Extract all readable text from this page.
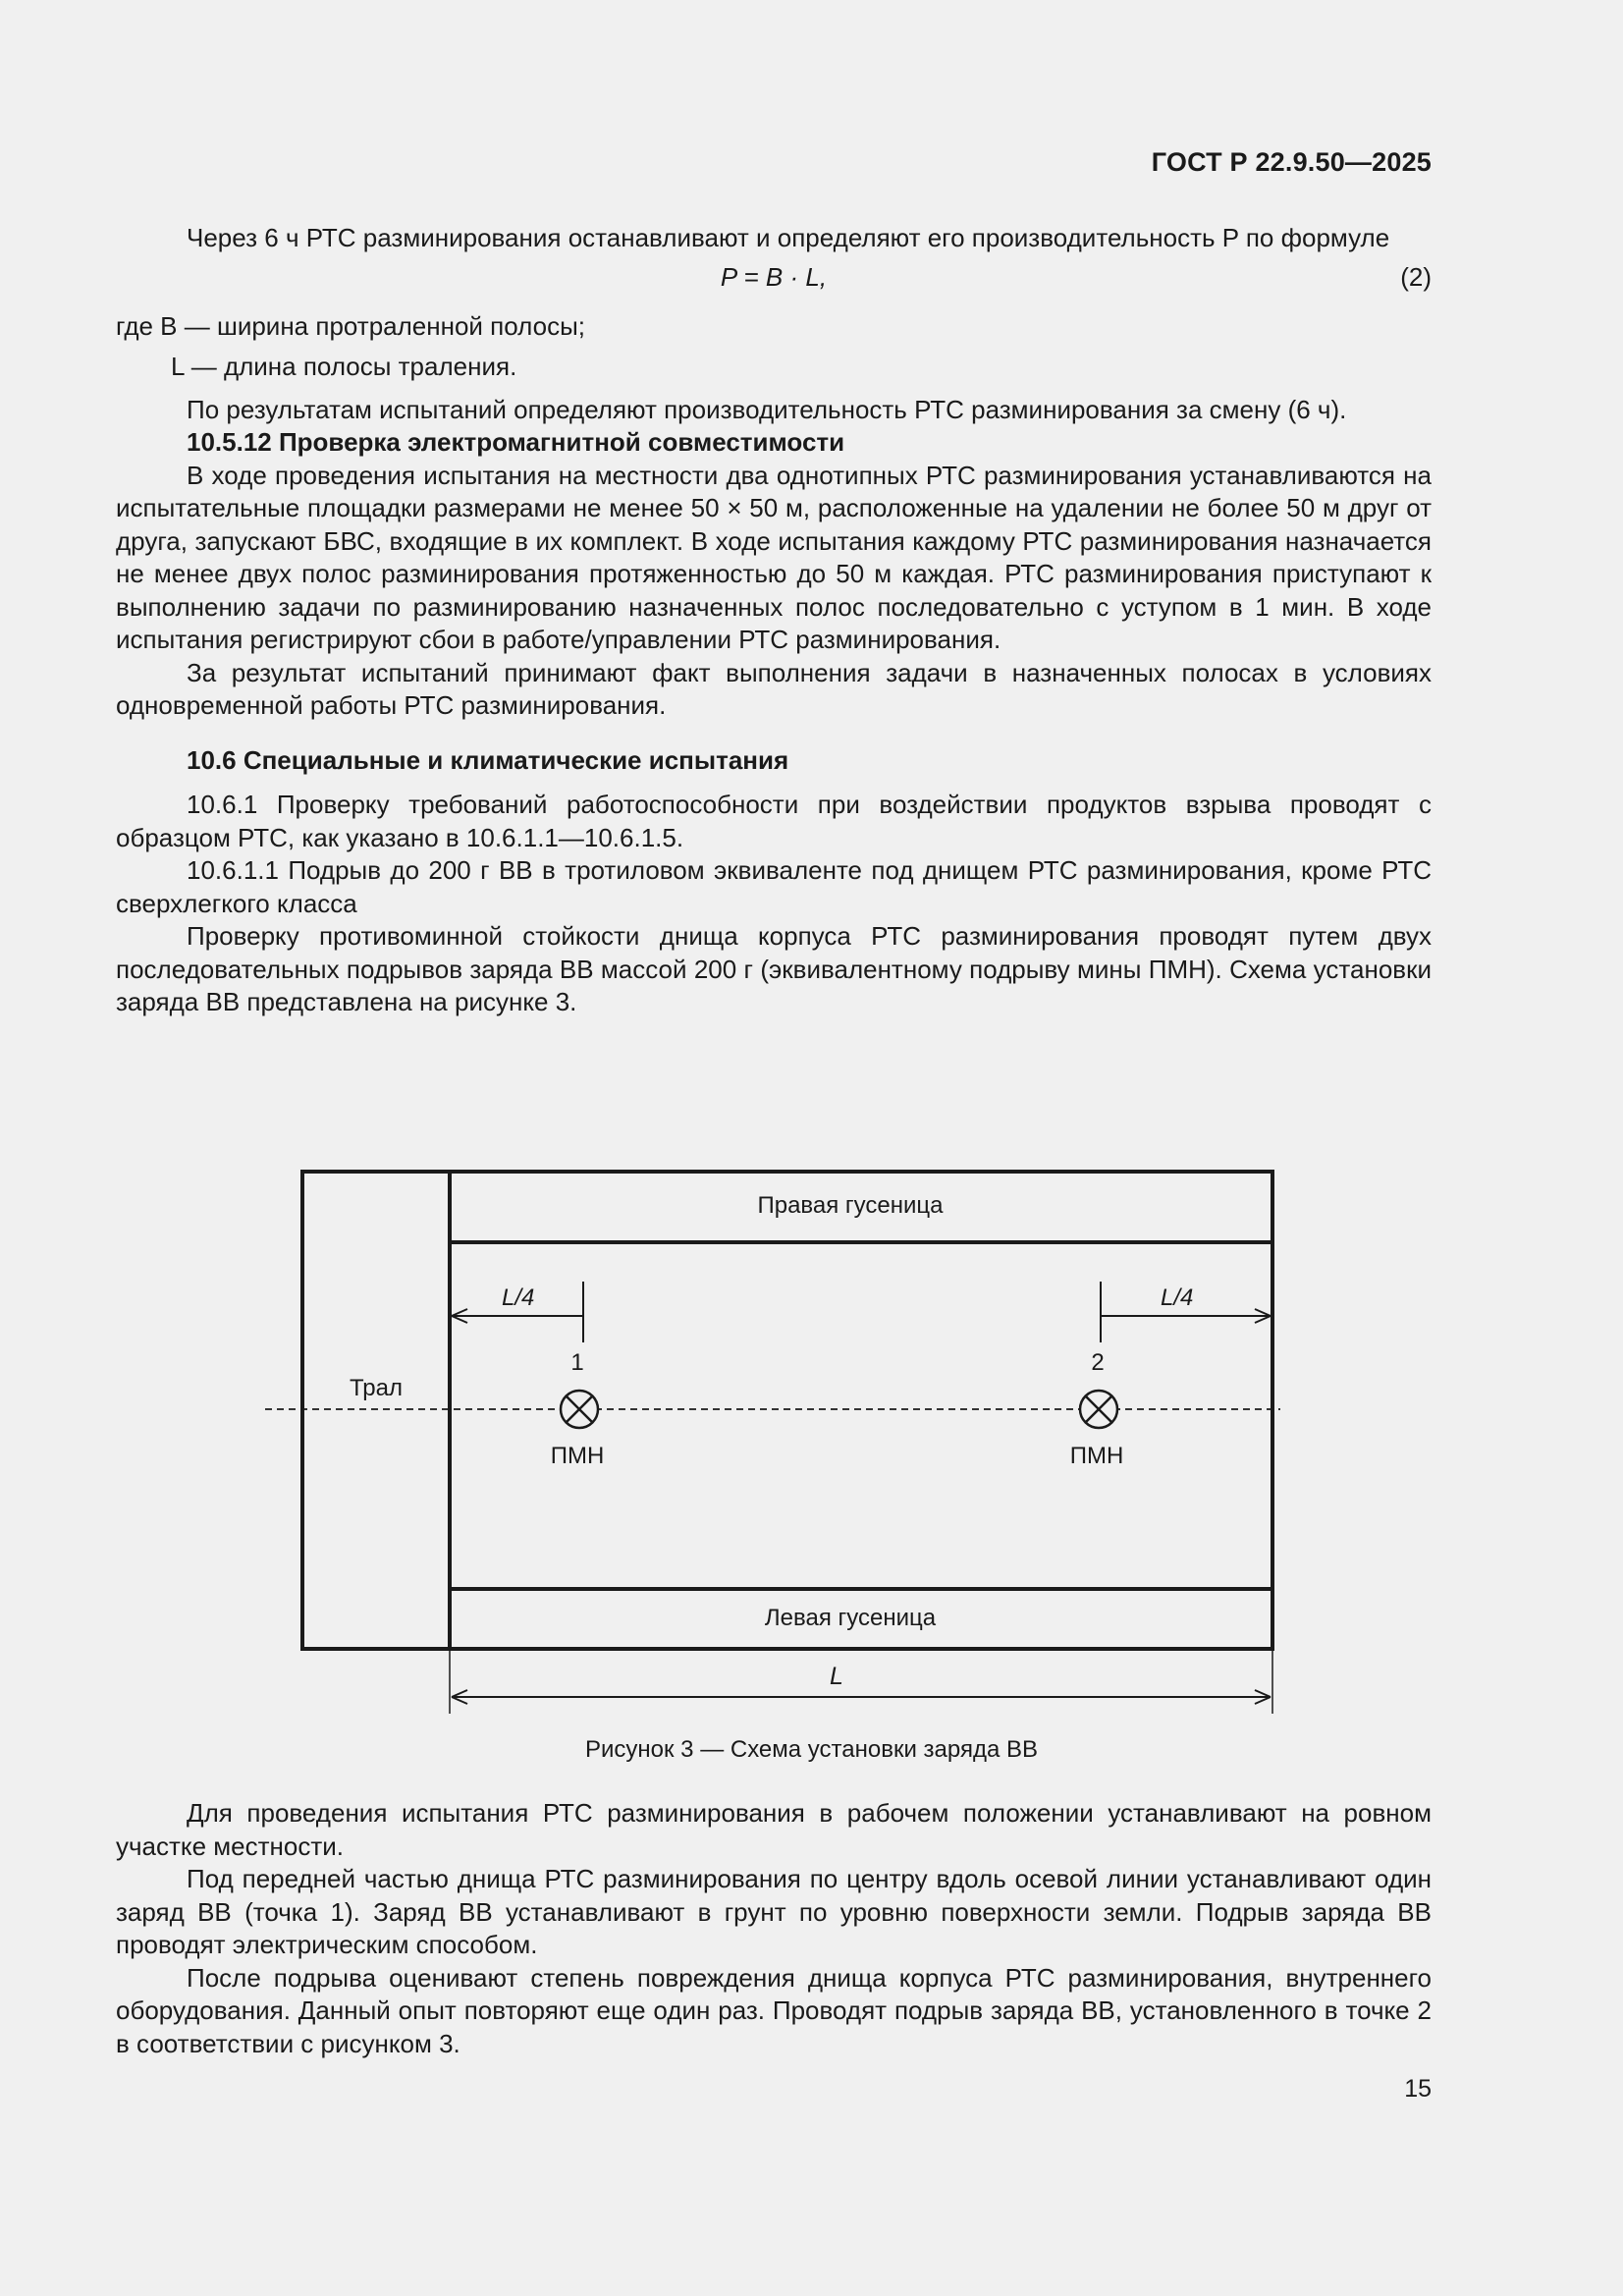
ГОСТ Р 22.9.50—2025

Через 6 ч РТС разминирования останавливают и определяют его производительность P по формуле

P = B · L,	(2)

где B — ширина протраленной полосы;

L — длина полосы траления.

По результатам испытаний определяют производительность РТС разминирования за смену (6 ч).

10.5.12 Проверка электромагнитной совместимости

В ходе проведения испытания на местности два однотипных РТС разминирования устанавливаются на испытательные площадки размерами не менее 50 × 50 м, расположенные на удалении не более 50 м друг от друга, запускают БВС, входящие в их комплект. В ходе испытания каждому РТС разминирования назначается не менее двух полос разминирования протяженностью до 50 м каждая. РТС разминирования приступают к выполнению задачи по разминированию назначенных полос последовательно с уступом в 1 мин. В ходе испытания регистрируют сбои в работе/управлении РТС разминирования.

За результат испытаний принимают факт выполнения задачи в назначенных полосах в условиях одновременной работы РТС разминирования.

10.6 Специальные и климатические испытания

10.6.1 Проверку требований работоспособности при воздействии продуктов взрыва проводят с образцом РТС, как указано в 10.6.1.1—10.6.1.5.

10.6.1.1 Подрыв до 200 г ВВ в тротиловом эквиваленте под днищем РТС разминирования, кроме РТС сверхлегкого класса

Проверку противоминной стойкости днища корпуса РТС разминирования проводят путем двух последовательных подрывов заряда ВВ массой 200 г (эквивалентному подрыву мины ПМН). Схема установки заряда ВВ представлена на рисунке 3.

Правая гусеница
Левая гусеница
Трал
L/4	L/4
1
ПМН
2
ПМН
L
Рисунок 3 — Схема установки заряда ВВ

Для проведения испытания РТС разминирования в рабочем положении устанавливают на ровном участке местности.

Под передней частью днища РТС разминирования по центру вдоль осевой линии устанавливают один заряд ВВ (точка 1). Заряд ВВ устанавливают в грунт по уровню поверхности земли. Подрыв заряда ВВ проводят электрическим способом.

После подрыва оценивают степень повреждения днища корпуса РТС разминирования, внутреннего оборудования. Данный опыт повторяют еще один раз. Проводят подрыв заряда ВВ, установленного в точке 2 в соответствии с рисунком 3.

15
